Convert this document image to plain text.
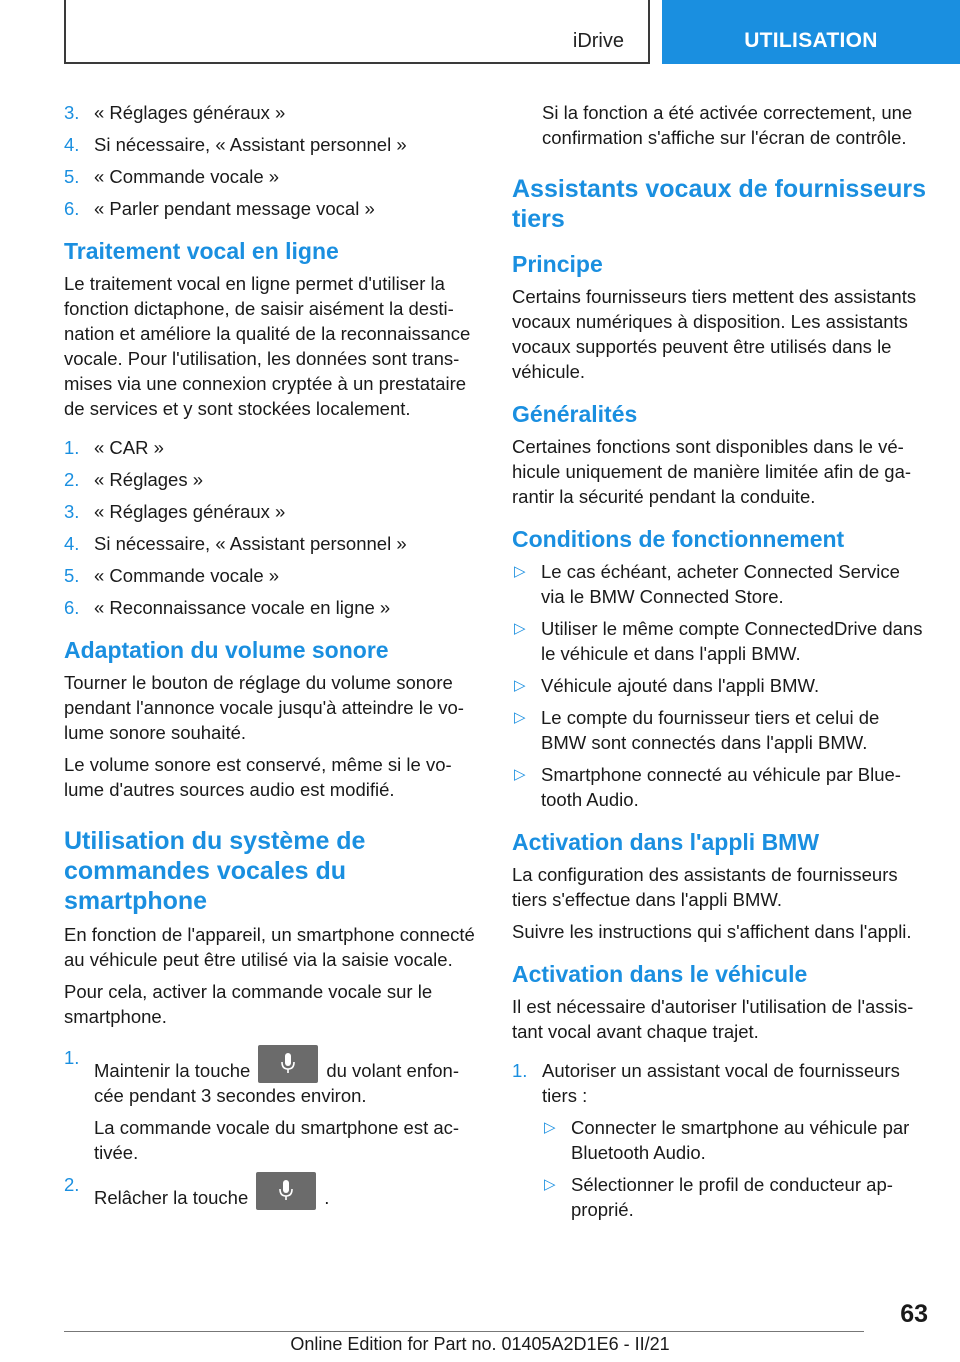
iDrive	UTILISATION
3. « Réglages généraux »
4. Si nécessaire, « Assistant personnel »
5. « Commande vocale »
6. « Parler pendant message vocal »
Traitement vocal en ligne

Le traitement vocal en ligne permet d'utiliser la fonction dictaphone, de saisir aisément la destination et améliore la qualité de la reconnaissance vocale. Pour l'utilisation, les données sont transmises via une connexion cryptée à un prestataire de services et y sont stockées localement.

1. « CAR »
2. « Réglages »
3. « Réglages généraux »
4. Si nécessaire, « Assistant personnel »
5. « Commande vocale »
6. « Reconnaissance vocale en ligne »
Adaptation du volume sonore

Tourner le bouton de réglage du volume sonore pendant l'annonce vocale jusqu'à atteindre le volume sonore souhaité.

Le volume sonore est conservé, même si le volume d'autres sources audio est modifié.

Utilisation du système de commandes vocales du smartphone

En fonction de l'appareil, un smartphone connecté au véhicule peut être utilisé via la saisie vocale.

Pour cela, activer la commande vocale sur le smartphone.

1.
Maintenir la touche	du volant enfoncée pendant 3 secondes environ.

La commande vocale du smartphone est activée.

2.
Relâcher la touche	.

Si la fonction a été activée correctement, une confirmation s'affiche sur l'écran de contrôle.

Assistants vocaux de fournisseurs tiers
Principe

Certains fournisseurs tiers mettent des assistants vocaux numériques à disposition. Les assistants vocaux supportés peuvent être utilisés dans le véhicule.

Généralités

Certaines fonctions sont disponibles dans le véhicule uniquement de manière limitée afin de garantir la sécurité pendant la conduite.

Conditions de fonctionnement
▷ Le cas échéant, acheter Connected Service via le BMW Connected Store.
▷ Utiliser le même compte ConnectedDrive dans le véhicule et dans l'appli BMW.
▷ Véhicule ajouté dans l'appli BMW.
▷ Le compte du fournisseur tiers et celui de BMW sont connectés dans l'appli BMW.
▷ Smartphone connecté au véhicule par Bluetooth Audio.
Activation dans l'appli BMW

La configuration des assistants de fournisseurs tiers s'effectue dans l'appli BMW.

Suivre les instructions qui s'affichent dans l'appli.

Activation dans le véhicule

Il est nécessaire d'autoriser l'utilisation de l'assistant vocal avant chaque trajet.

1. Autoriser un assistant vocal de fournisseurs tiers :
▷ Connecter le smartphone au véhicule par Bluetooth Audio.
▷ Sélectionner le profil de conducteur approprié.
63
Online Edition for Part no. 01405A2D1E6 - II/21
